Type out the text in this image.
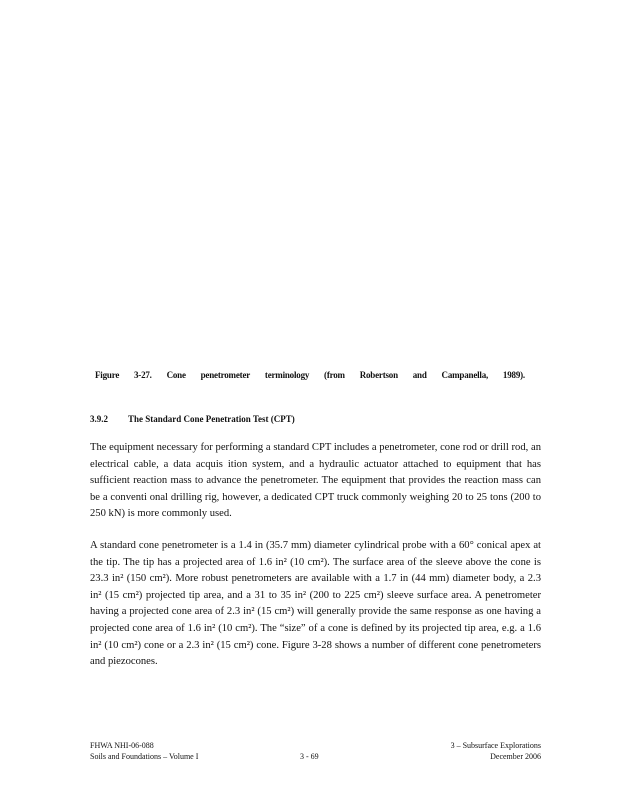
Figure 3-27. Cone penetrometer terminology (from Robertson and Campanella, 1989).
3.9.2 The Standard Cone Penetration Test (CPT)

The equipment necessary for performing a standard CPT includes a penetrometer, cone rod or drill rod, an electrical cable, a data acquis ition system, and a hydraulic actuator attached to equipment that has sufficient reaction mass to advance the penetrometer. The equipment that provides the reaction mass can be a conventi onal drilling rig, however, a dedicated CPT truck commonly weighing 20 to 25 tons (200 to 250 kN) is more commonly used.

A standard cone penetrometer is a 1.4 in (35.7 mm) diameter cylindrical probe with a 60° conical apex at the tip. The tip has a projected area of 1.6 in² (10 cm²). The surface area of the sleeve above the cone is 23.3 in² (150 cm²). More robust penetrometers are available with a 1.7 in (44 mm) diameter body, a 2.3 in² (15 cm²) projected tip area, and a 31 to 35 in² (200 to 225 cm²) sleeve surface area. A penetrometer having a projected cone area of 2.3 in² (15 cm²) will generally provide the same response as one having a projected cone area of 1.6 in² (10 cm²). The “size” of a cone is defined by its projected tip area, e.g. a 1.6 in² (10 cm²) cone or a 2.3 in² (15 cm²) cone. Figure 3-28 shows a number of different cone penetrometers and piezocones.

FHWA NHI-06-088	3 – Subsurface Explorations
Soils and Foundations – Volume I	December 2006
3 - 69
